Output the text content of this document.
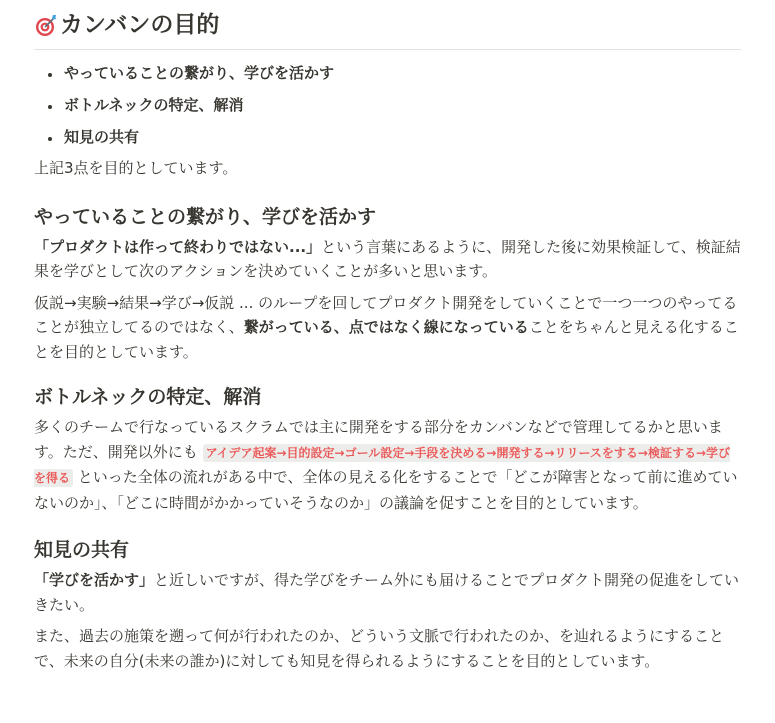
カンバンの目的
• やっていることの繋がり、学びを活かす
• ボトルネックの特定、解消
• 知見の共有

上記3点を目的としています。

やっていることの繋がり、学びを活かす

「プロダクトは作って終わりではない...」という言葉にあるように、開発した後に効果検証して、検証結果を学びとして次のアクションを決めていくことが多いと思います。

仮説→実験→結果→学び→仮説 ... のループを回してプロダクト開発をしていくことで一つ一つのやってることが独立してるのではなく、繋がっている、点ではなく線になっていることをちゃんと見える化することを目的としています。

ボトルネックの特定、解消

多くのチームで行なっているスクラムでは主に開発をする部分をカンバンなどで管理してるかと思います。ただ、開発以外にも アイデア起案→目的設定→ゴール設定→手段を決める→開発する→リリースをする→検証する→学びを得る といった全体の流れがある中で、全体の見える化をすることで「どこが障害となって前に進めていないのか」、「どこに時間がかかっていそうなのか」の議論を促すことを目的としています。

知見の共有

「学びを活かす」と近しいですが、得た学びをチーム外にも届けることでプロダクト開発の促進をしていきたい。

また、過去の施策を遡って何が行われたのか、どういう文脈で行われたのか、を辿れるようにすることで、未来の自分(未来の誰か)に対しても知見を得られるようにすることを目的としています。
